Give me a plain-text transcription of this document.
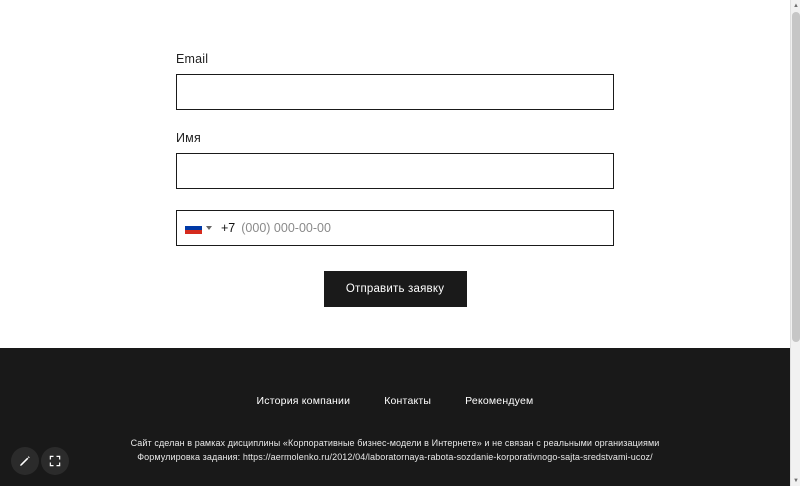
Email
Имя
+7
(000) 000-00-00
Отправить заявку
История компании	Контакты	Рекомендуем
Сайт сделан в рамках дисциплины «Корпоративные бизнес-модели в Интернете» и не связан с реальными организациями
Формулировка задания: https://aermolenko.ru/2012/04/laboratornaya-rabota-sozdanie-korporativnogo-sajta-sredstvami-ucoz/
▲
▼
